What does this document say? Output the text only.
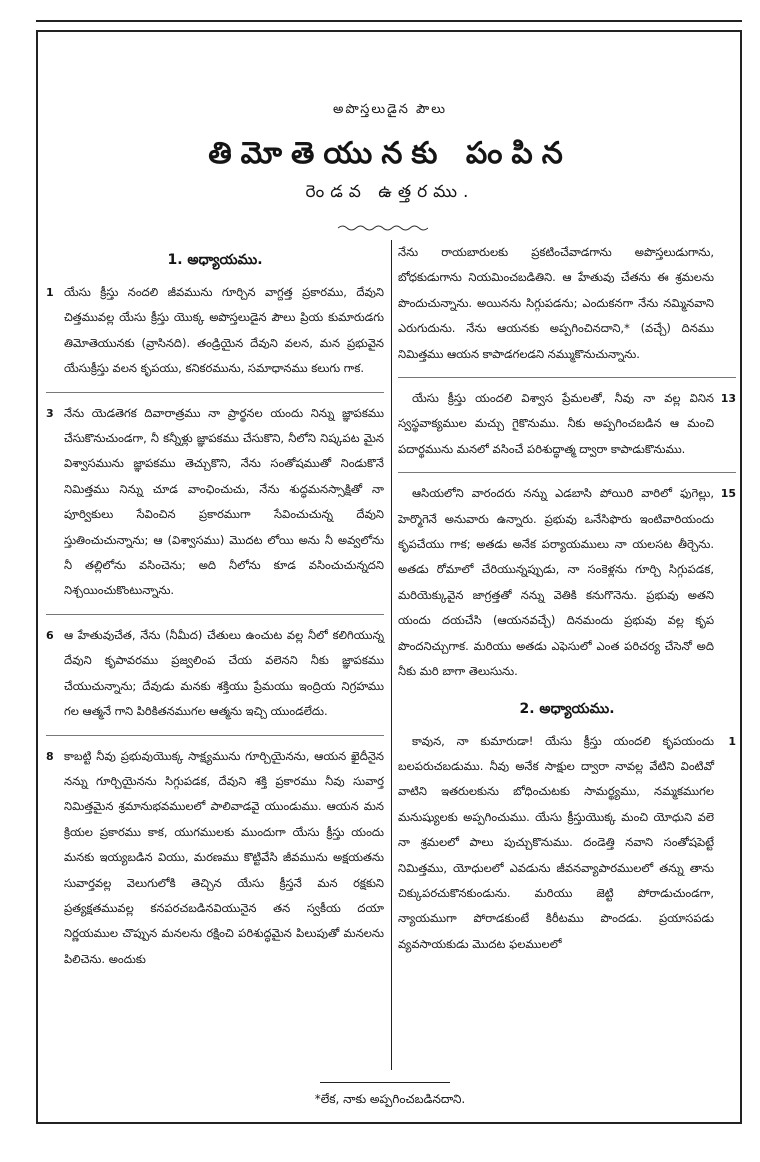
అపొస్తలుడైన పౌలు
తిమోతెయునకు పంపిన
రెండవ ఉత్తరము.
1. అధ్యాయము.
1 యేసు క్రీస్తు నందలి జీవమును గూర్చిన వాగ్దత్త ప్రకారము, దేవుని చిత్తమువల్ల యేసు క్రీస్తు యొక్క అపొస్తలుడైన పౌలు ప్రియ కుమారుడగు తిమోతెయునకు (వ్రాసినది). తండ్రియైన దేవుని వలన, మన ప్రభువైన యేసుక్రీస్తు వలన కృపయు, కనికరమును, సమాధానము కలుగు గాక.
3 నేను యెడతెగక దివారాత్రము నా ప్రార్థనల యందు నిన్ను జ్ఞాపకము చేసుకొనుచుండగా, నీ కన్నీళ్లు జ్ఞాపకము చేసుకొని, నీలోని నిష్కపట మైన విశ్వాసమును జ్ఞాపకము తెచ్చుకొని, నేను సంతోషముతో నిండుకొనే నిమిత్తము నిన్ను చూడ వాంఛించుచు, నేను శుద్ధమనస్సాక్షితో నా పూర్వికులు సేవించిన ప్రకారముగా సేవించుచున్న దేవుని స్తుతించుచున్నాను; ఆ (విశ్వాసము) మొదట లోయి అను నీ అవ్వలోను నీ తల్లిలోను వసించెను; అది నీలోను కూడ వసించుచున్నదని నిశ్చయించుకొంటున్నాను.
6 ఆ హేతువుచేత, నేను (నీమీద) చేతులు ఉంచుట వల్ల నీలో కలిగియున్న దేవుని కృపావరము ప్రజ్వలింప చేయ వలెనని నీకు జ్ఞాపకము చేయుచున్నాను; దేవుడు మనకు శక్తియు ప్రేమయు ఇంద్రియ నిగ్రహము గల ఆత్మనే గాని పిరికితనముగల ఆత్మను ఇచ్చి యుండలేదు.
8 కాబట్టి నీవు ప్రభువుయొక్క సాక్ష్యమును గూర్చియైనను, ఆయన ఖైదీనైన నన్ను గూర్చియైనను సిగ్గుపడక, దేవుని శక్తి ప్రకారము నీవు సువార్త నిమిత్తమైన శ్రమానుభవములలో పాలివాడవై యుండుము. ఆయన మన క్రియల ప్రకారము కాక, యుగములకు ముందుగా యేసు క్రీస్తు యందు మనకు ఇయ్యబడిన వియు, మరణము కొట్టివేసి జీవమును అక్షయతను సువార్తవల్ల వెలుగులోకి తెచ్చిన యేసు క్రీస్తనే మన రక్షకుని ప్రత్యక్షతమువల్ల కనపరచబడినవియునైన తన స్వకీయ దయా నిర్ణయముల చొప్పున మనలను రక్షించి పరిశుద్ధమైన పిలుపుతో మనలను పిలిచెను. అందుకు
నేను రాయబారులకు ప్రకటించేవాడగాను అపొస్తలుడుగాను, బోధకుడుగాను నియమించబడితిని. ఆ హేతువు చేతను ఈ శ్రమలను పొందుచున్నాను. అయినను సిగ్గుపడను; ఎందుకనగా నేను నమ్మినవాని ఎరుగుదును. నేను ఆయనకు అప్పగించినదాని,* (వచ్చే) దినము నిమిత్తము ఆయన కాపాడగలడని నమ్ముకొనుచున్నాను.
13
యేసు క్రీస్తు యందలి విశ్వాస ప్రేమలతో, నీవు నా వల్ల వినిన స్వస్థవాక్యముల మచ్చు గైకొనుము. నీకు అప్పగించబడిన ఆ మంచి పదార్థమును మనలో వసించే పరిశుద్ధాత్మ ద్వారా కాపాడుకొనుము.
15
ఆసియలోని వారందరు నన్ను ఎడబాసి పోయిరి వారిలో ఫుగెల్లు, హెర్మొగెనే అనువారు ఉన్నారు. ప్రభువు ఒనేసిఫొరు ఇంటివారియందు కృపచేయు గాక; అతడు అనేక పర్యాయములు నా యలసట తీర్చెను. అతడు రోమాలో చేరియున్నప్పుడు, నా సంకెళ్లను గూర్చి సిగ్గుపడక, మరియెక్కువైన జాగ్రత్తతో నన్ను వెతికి కనుగొనెను. ప్రభువు అతని యందు దయచేసి (ఆయనవచ్చే) దినమందు ప్రభువు వల్ల కృప పొందనిచ్చుగాక. మరియు అతడు ఎఫెసులో ఎంత పరిచర్య చేసెనో అది నీకు మరి బాగా తెలుసును.
2. అధ్యాయము.
1
కావున, నా కుమారుడా! యేసు క్రీస్తు యందలి కృపయందు బలపరుచబడుము. నీవు అనేక సాక్షుల ద్వారా నావల్ల వేటిని వింటివో వాటిని ఇతరులకును బోధించుటకు సామర్థ్యము, నమ్మకముగల మనుష్యులకు అప్పగించుము. యేసు క్రీస్తుయొక్క మంచి యోధుని వలె నా శ్రమలలో పాలు పుచ్చుకొనుము. దండెత్తి నవాని సంతోషపెట్టే నిమిత్తము, యోధులలో ఎవడును జీవనవ్యాపారములలో తన్ను తాను చిక్కుపరచుకొనకుండును. మరియు జెట్టి పోరాడుచుండగా, న్యాయముగా పోరాడకుంటే కిరీటము పొందడు. ప్రయాసపడు వ్యవసాయకుడు మొదట ఫలములలో
*లేక, నాకు అప్పగించబడినదాని.
